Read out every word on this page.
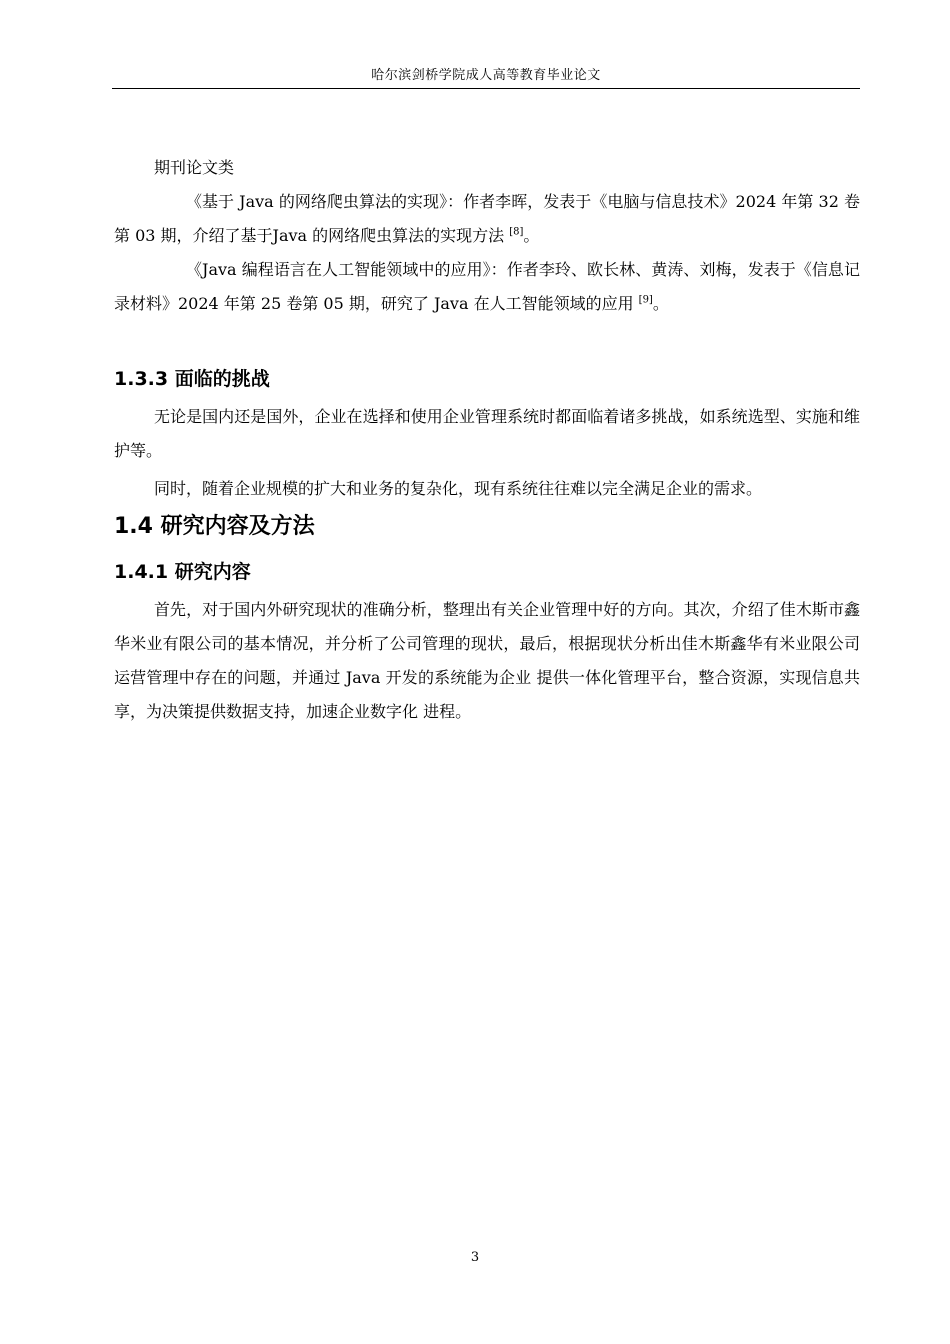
哈尔滨剑桥学院成人高等教育毕业论文

期刊论文类

《基于 Java 的网络爬虫算法的实现》：作者李晖，发表于《电脑与信息技术》2024 年第 32 卷第 03 期，介绍了基于Java 的网络爬虫算法的实现方法 [8]。

《Java 编程语言在人工智能领域中的应用》：作者李玲、欧长林、黄涛、刘梅，发表于《信息记录材料》2024 年第 25 卷第 05 期，研究了 Java 在人工智能领域的应用 [9]。

1.3.3 面临的挑战

无论是国内还是国外，企业在选择和使用企业管理系统时都面临着诸多挑战，如系统选型、实施和维护等。

同时，随着企业规模的扩大和业务的复杂化，现有系统往往难以完全满足企业的需求。

1.4 研究内容及方法
1.4.1 研究内容

首先，对于国内外研究现状的准确分析，整理出有关企业管理中好的方向。其次，介绍了佳木斯市鑫华米业有限公司的基本情况，并分析了公司管理的现状，最后，根据现状分析出佳木斯鑫华有米业限公司运营管理中存在的问题，并通过 Java 开发的系统能为企业 提供一体化管理平台，整合资源，实现信息共享，为决策提供数据支持，加速企业数字化 进程。

3
